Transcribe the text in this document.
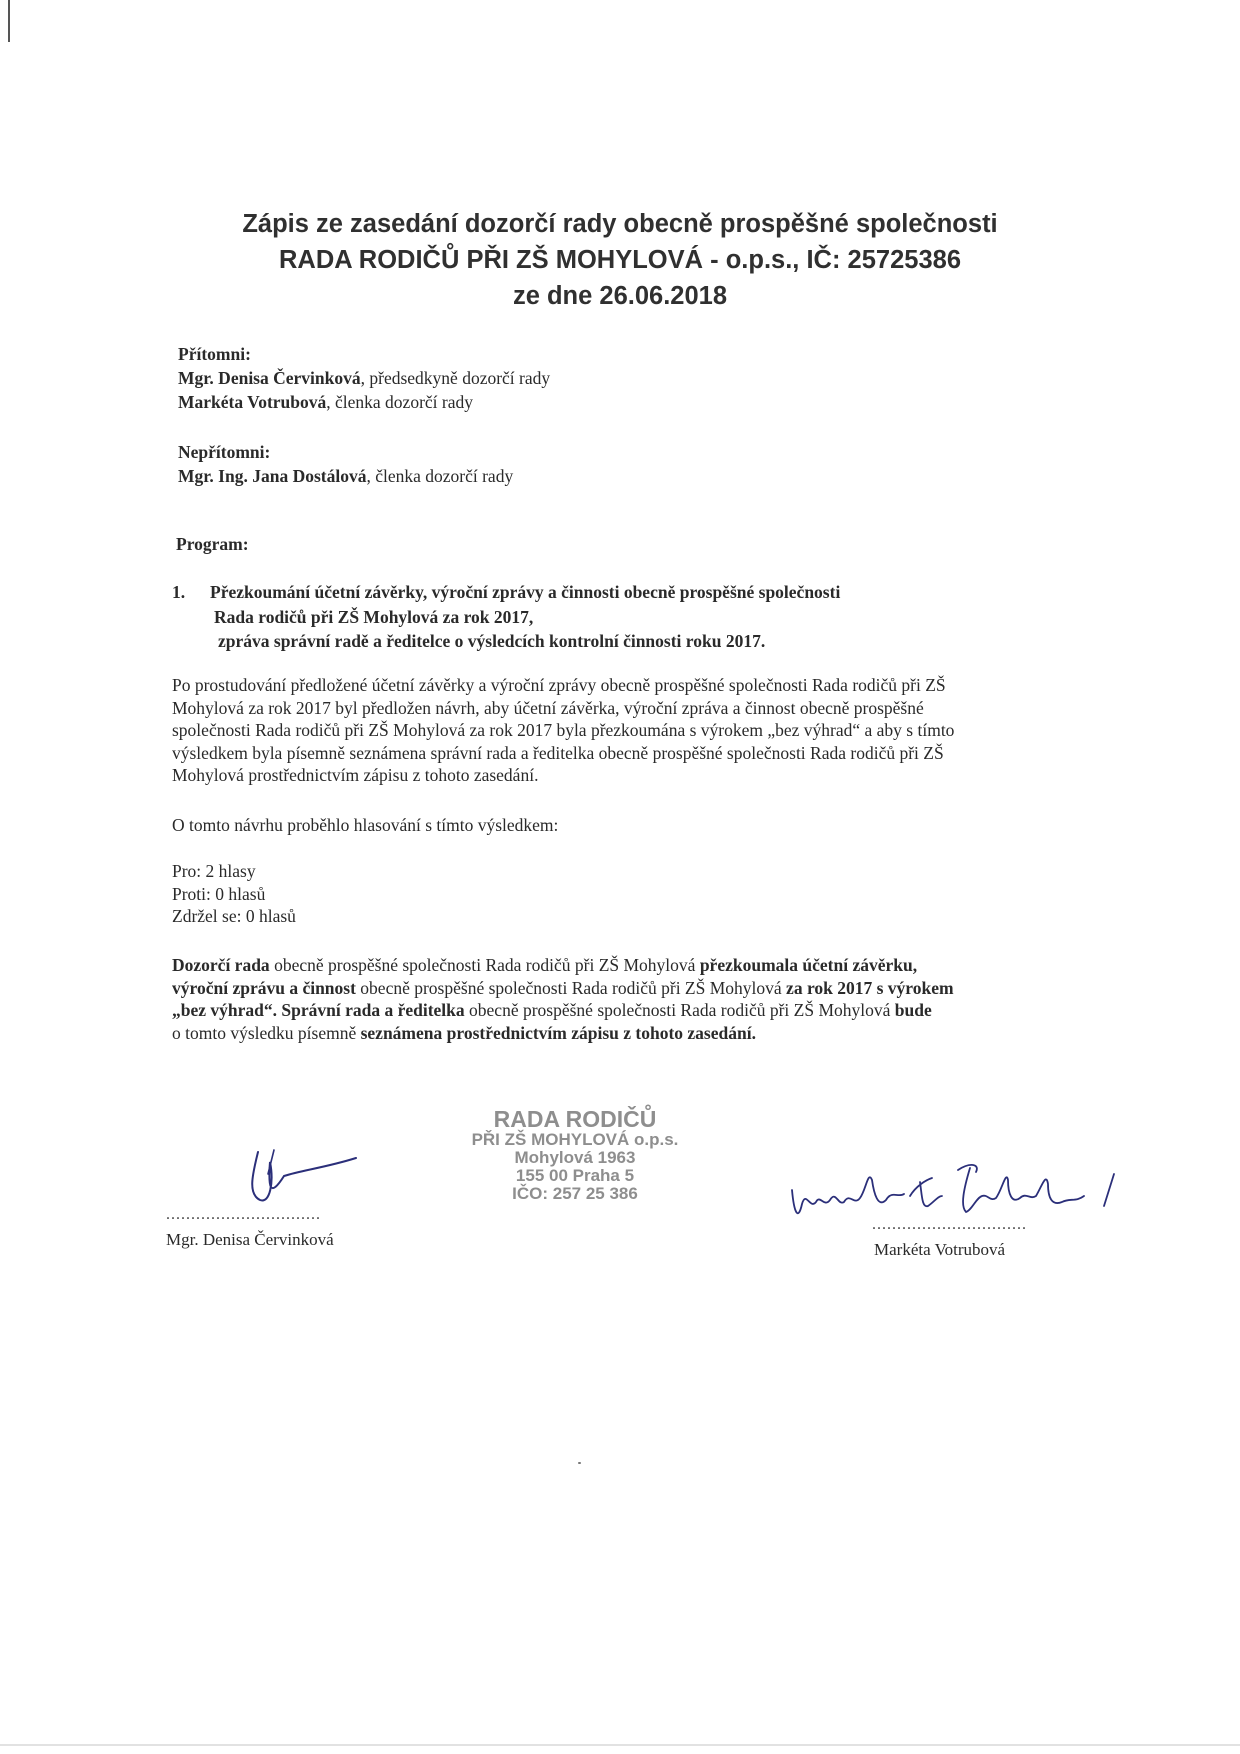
Zápis ze zasedání dozorčí rady obecně prospěšné společnosti
RADA RODIČŮ PŘI ZŠ MOHYLOVÁ - o.p.s., IČ: 25725386
ze dne 26.06.2018
Přítomni:
Mgr. Denisa Červinková, předsedkyně dozorčí rady
Markéta Votrubová, členka dozorčí rady
Nepřítomni:
Mgr. Ing. Jana Dostálová, členka dozorčí rady
Program:
1. Přezkoumání účetní závěrky, výroční zprávy a činnosti obecně prospěšné společnosti
Rada rodičů při ZŠ Mohylová za rok 2017,
zpráva správní radě a ředitelce o výsledcích kontrolní činnosti roku 2017.
Po prostudování předložené účetní závěrky a výroční zprávy obecně prospěšné společnosti Rada rodičů při ZŠ
Mohylová za rok 2017 byl předložen návrh, aby účetní závěrka, výroční zpráva a činnost obecně prospěšné
společnosti Rada rodičů při ZŠ Mohylová za rok 2017 byla přezkoumána s výrokem „bez výhrad“ a aby s tímto
výsledkem byla písemně seznámena správní rada a ředitelka obecně prospěšné společnosti Rada rodičů při ZŠ
Mohylová prostřednictvím zápisu z tohoto zasedání.
O tomto návrhu proběhlo hlasování s tímto výsledkem:
Pro: 2 hlasy
Proti: 0 hlasů
Zdržel se: 0 hlasů
Dozorčí rada obecně prospěšné společnosti Rada rodičů při ZŠ Mohylová přezkoumala účetní závěrku,
výroční zprávu a činnost obecně prospěšné společnosti Rada rodičů při ZŠ Mohylová za rok 2017 s výrokem
„bez výhrad“. Správní rada a ředitelka obecně prospěšné společnosti Rada rodičů při ZŠ Mohylová bude
o tomto výsledku písemně seznámena prostřednictvím zápisu z tohoto zasedání.
RADA RODIČŮ
PŘI ZŠ MOHYLOVÁ o.p.s.
Mohylová 1963
155 00 Praha 5
IČO: 257 25 386
...............................
Mgr. Denisa Červinková
...............................
Markéta Votrubová
